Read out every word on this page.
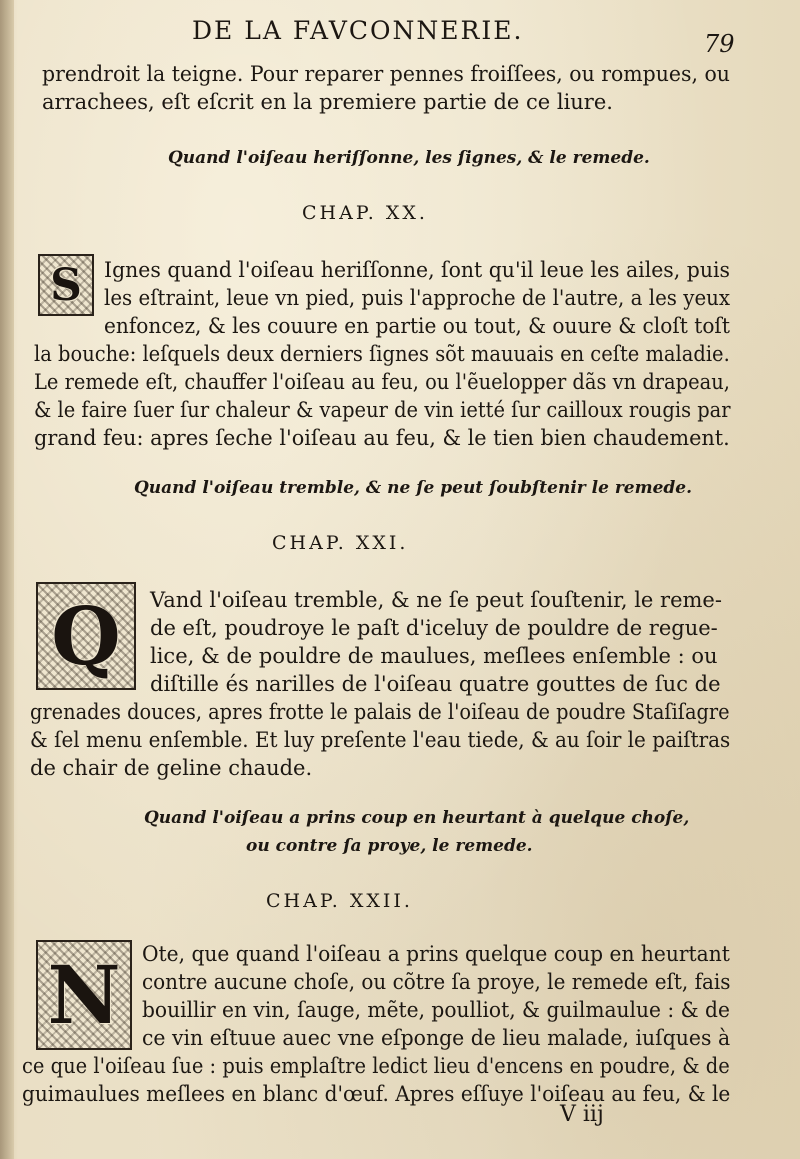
DE LA FAVCONNERIE.	79
prendroit la teigne. Pour reparer pennes froiſſees, ou rompues, ou
arrachees, eſt eſcrit en la premiere partie de ce liure.
Quand l'oiſeau heriſſonne, les ſignes, & le remede.
CHAP. XX.
S Ignes quand l'oiſeau heriſſonne, ſont qu'il leue les ailes, puis
les eſtraint, leue vn pied, puis l'approche de l'autre, a les yeux
enfoncez, & les couure en partie ou tout, & ouure & cloſt toſt
la bouche: leſquels deux derniers ſignes sõt mauuais en ceſte maladie.
Le remede eſt, chauffer l'oiſeau au feu, ou l'ẽuelopper dãs vn drapeau,
& le faire ſuer ſur chaleur & vapeur de vin ietté ſur cailloux rougis par
grand feu: apres ſeche l'oiſeau au feu, & le tien bien chaudement.
Quand l'oiſeau tremble, & ne ſe peut ſoubſtenir le remede.
CHAP. XXI.
Q Vand l'oiſeau tremble, & ne ſe peut ſouſtenir, le reme-
de eſt, poudroye le paſt d'iceluy de pouldre de regue-
lice, & de pouldre de maulues, meſlees enſemble : ou
diſtille és narilles de l'oiſeau quatre gouttes de ſuc de
grenades douces, apres frotte le palais de l'oiſeau de poudre Staſiſagre
& ſel menu enſemble. Et luy preſente l'eau tiede, & au ſoir le paiſtras
de chair de geline chaude.
Quand l'oiſeau a prins coup en heurtant à quelque choſe,
ou contre ſa proye, le remede.
CHAP. XXII.
N Ote, que quand l'oiſeau a prins quelque coup en heurtant
contre aucune choſe, ou cõtre ſa proye, le remede eſt, fais
bouillir en vin, ſauge, mẽte, poulliot, & guilmaulue : & de
ce vin eſtuue auec vne eſponge de lieu malade, iuſques à
ce que l'oiſeau ſue : puis emplaſtre ledict lieu d'encens en poudre, & de
guimaulues meſlees en blanc d'œuf. Apres eſſuye l'oiſeau au feu, & le
V iij
